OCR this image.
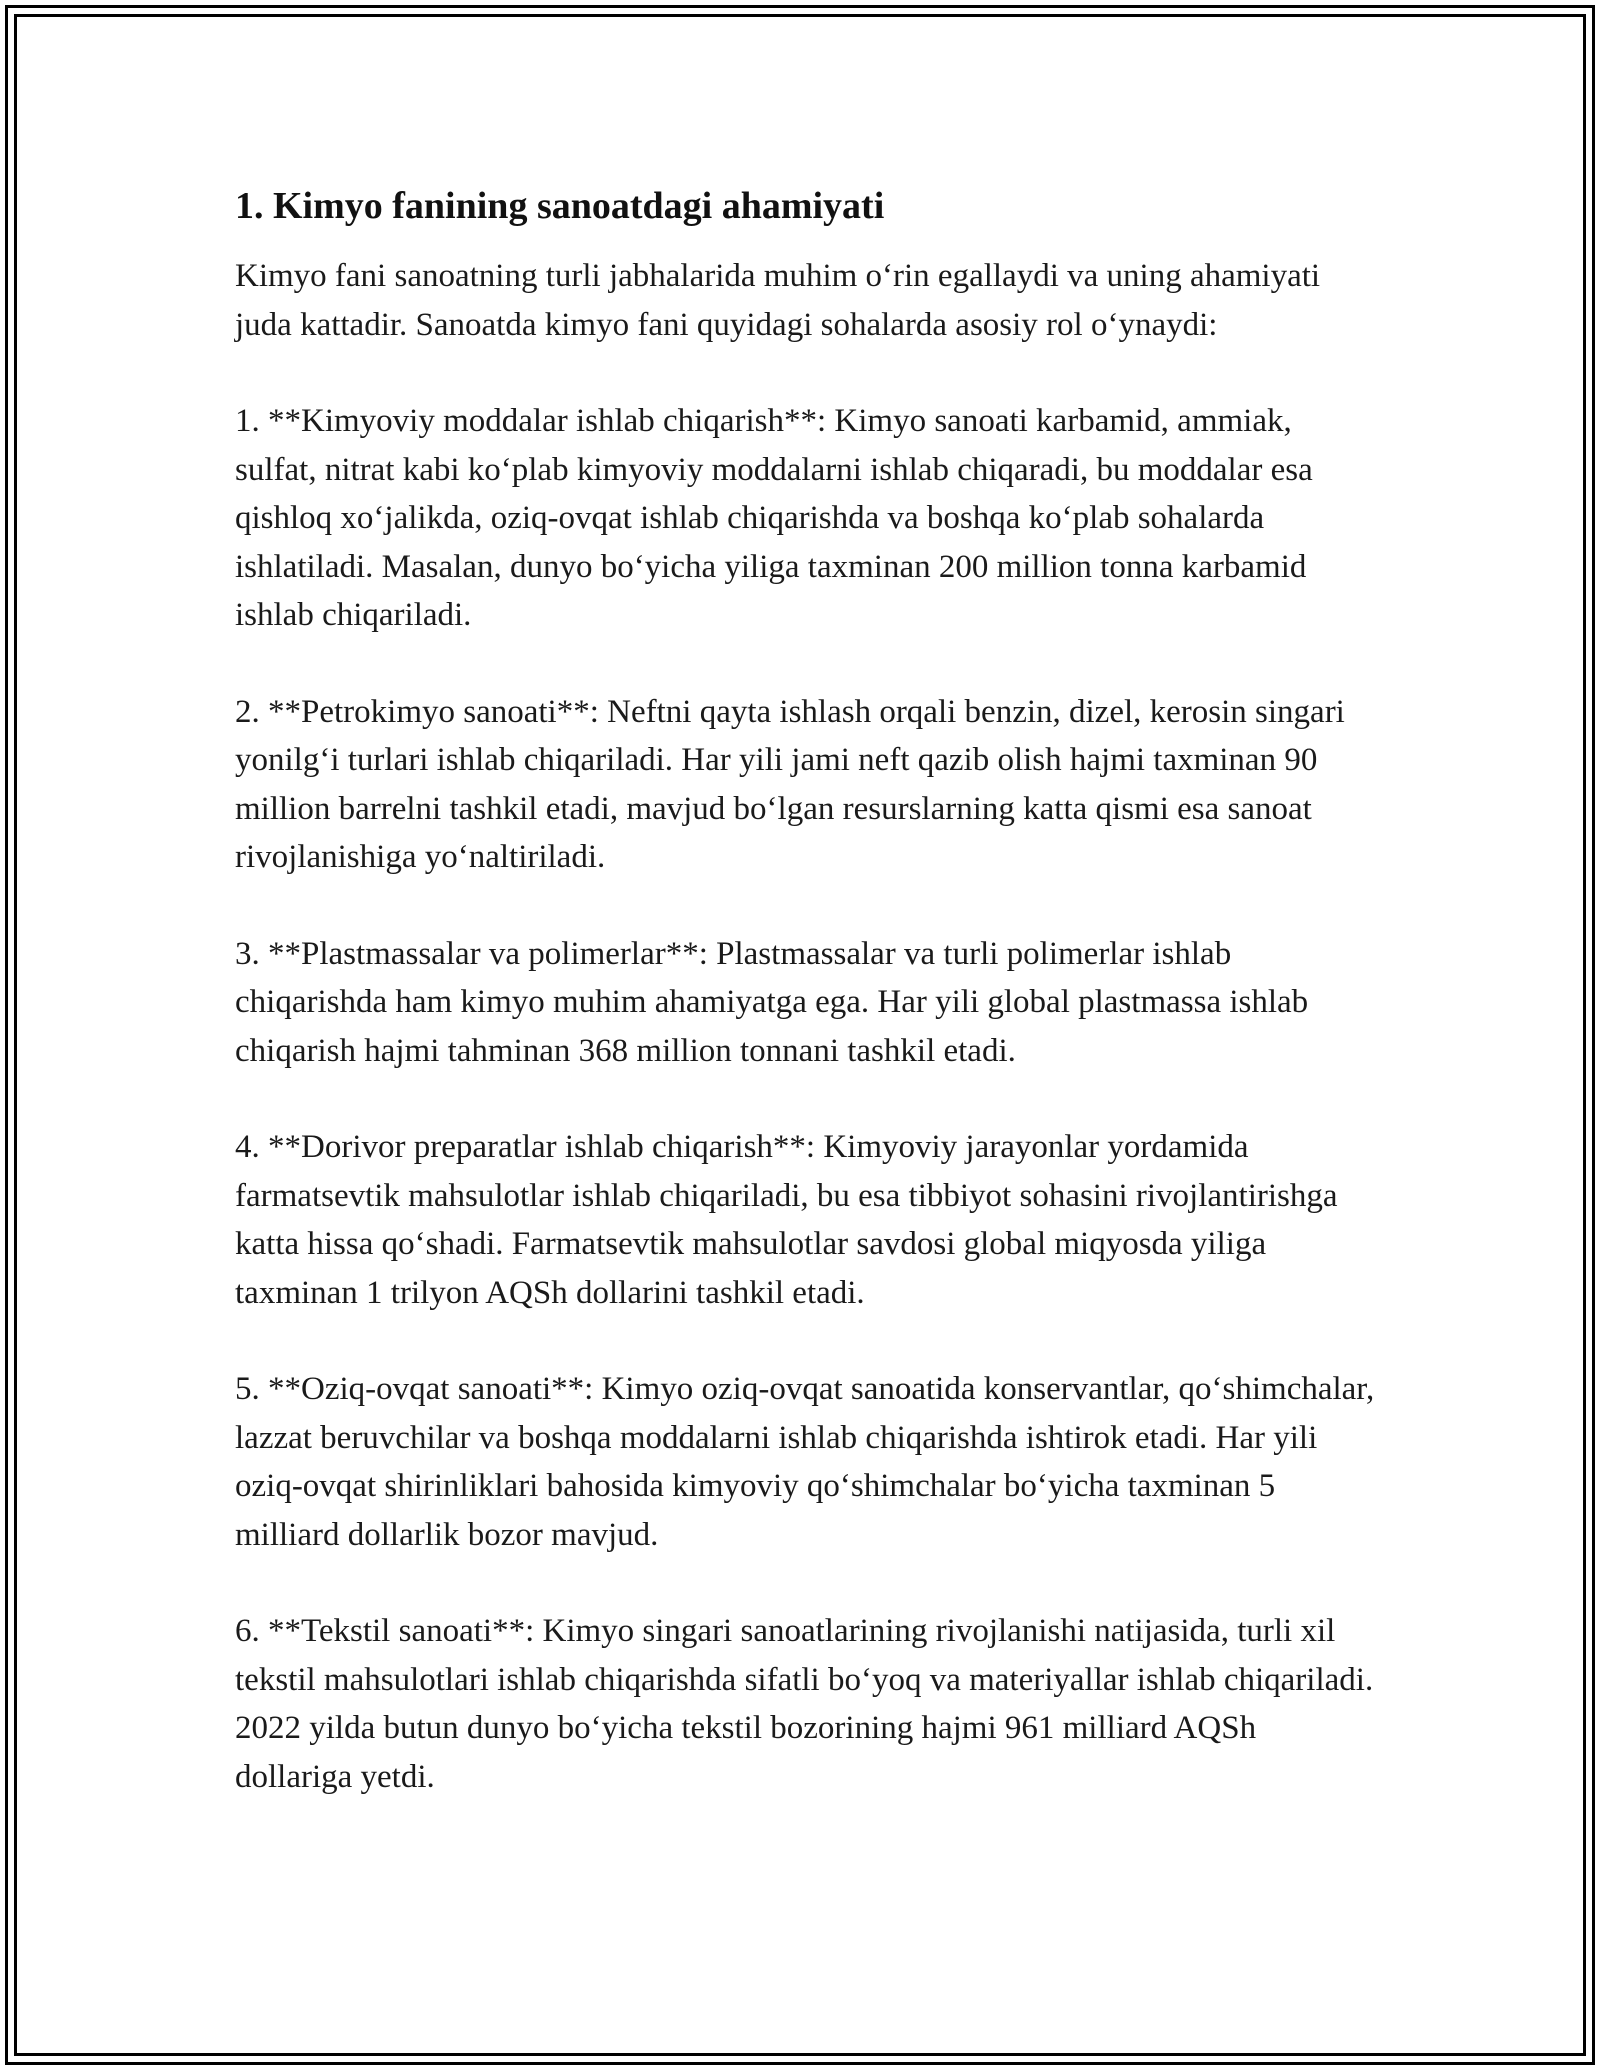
1. Kimyo fanining sanoatdagi ahamiyati

Kimyo fani sanoatning turli jabhalarida muhim o‘rin egallaydi va uning ahamiyati juda kattadir. Sanoatda kimyo fani quyidagi sohalarda asosiy rol o‘ynaydi:

1. **Kimyoviy moddalar ishlab chiqarish**: Kimyo sanoati karbamid, ammiak, sulfat, nitrat kabi ko‘plab kimyoviy moddalarni ishlab chiqaradi, bu moddalar esa qishloq xo‘jalikda, oziq-ovqat ishlab chiqarishda va boshqa ko‘plab sohalarda ishlatiladi. Masalan, dunyo bo‘yicha yiliga taxminan 200 million tonna karbamid ishlab chiqariladi.

2. **Petrokimyo sanoati**: Neftni qayta ishlash orqali benzin, dizel, kerosin singari yonilg‘i turlari ishlab chiqariladi. Har yili jami neft qazib olish hajmi taxminan 90 million barrelni tashkil etadi, mavjud bo‘lgan resurslarning katta qismi esa sanoat rivojlanishiga yo‘naltiriladi.

3. **Plastmassalar va polimerlar**: Plastmassalar va turli polimerlar ishlab chiqarishda ham kimyo muhim ahamiyatga ega. Har yili global plastmassa ishlab chiqarish hajmi tahminan 368 million tonnani tashkil etadi.

4. **Dorivor preparatlar ishlab chiqarish**: Kimyoviy jarayonlar yordamida farmatsevtik mahsulotlar ishlab chiqariladi, bu esa tibbiyot sohasini rivojlantirishga katta hissa qo‘shadi. Farmatsevtik mahsulotlar savdosi global miqyosda yiliga taxminan 1 trilyon AQSh dollarini tashkil etadi.

5. **Oziq-ovqat sanoati**: Kimyo oziq-ovqat sanoatida konservantlar, qo‘shimchalar, lazzat beruvchilar va boshqa moddalarni ishlab chiqarishda ishtirok etadi. Har yili oziq-ovqat shirinliklari bahosida kimyoviy qo‘shimchalar bo‘yicha taxminan 5 milliard dollarlik bozor mavjud.

6. **Tekstil sanoati**: Kimyo singari sanoatlarining rivojlanishi natijasida, turli xil tekstil mahsulotlari ishlab chiqarishda sifatli bo‘yoq va materiyallar ishlab chiqariladi. 2022 yilda butun dunyo bo‘yicha tekstil bozorining hajmi 961 milliard AQSh dollariga yetdi.
